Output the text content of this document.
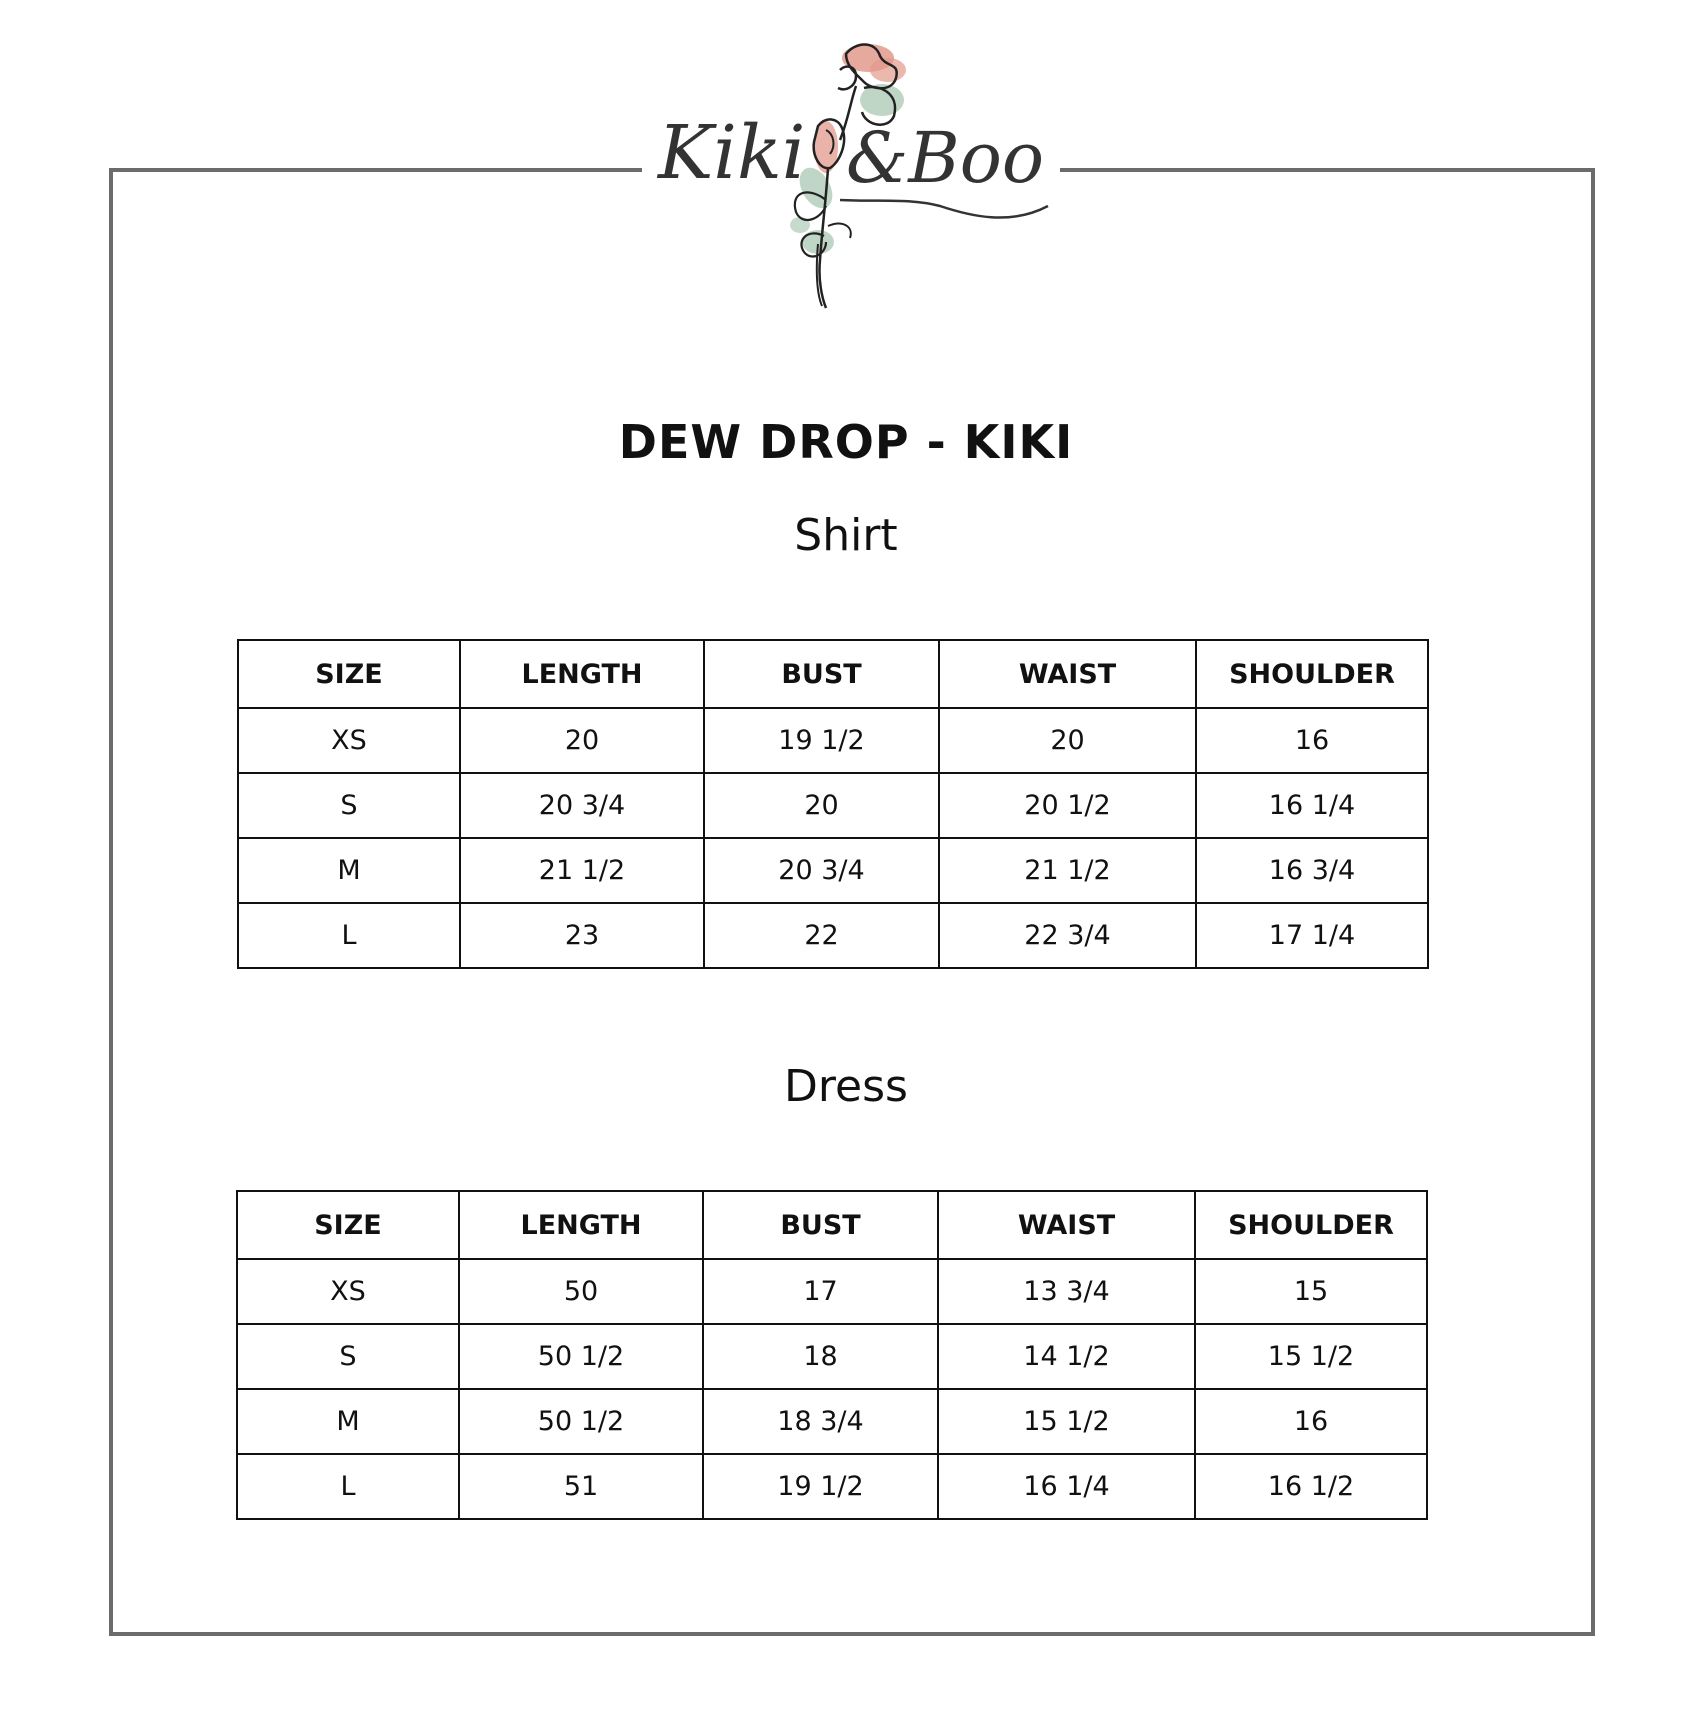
Kiki &Boo
DEW DROP - KIKI
Shirt
SIZE	LENGTH	BUST	WAIST	SHOULDER
XS	20	19 1/2	20	16
S	20 3/4	20	20 1/2	16 1/4
M	21 1/2	20 3/4	21 1/2	16 3/4
L	23	22	22 3/4	17 1/4
Dress
SIZE	LENGTH	BUST	WAIST	SHOULDER
XS	50	17	13 3/4	15
S	50 1/2	18	14 1/2	15 1/2
M	50 1/2	18 3/4	15 1/2	16
L	51	19 1/2	16 1/4	16 1/2
